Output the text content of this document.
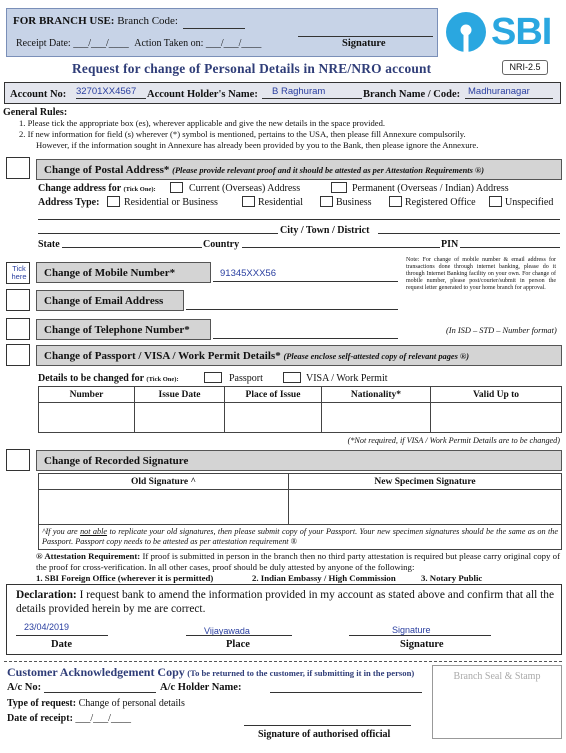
FOR BRANCH USE: Branch Code:
Receipt Date: ___/___/____ Action Taken on: ___/___/____	Signature	SBI
Request for change of Personal Details in NRE/NRO account	NRI-2.5
Account No: 32701XX4567	Account Holder's Name:	B Raghuram	Branch Name / Code: Madhuranagar
General Rules:
1. Please tick the appropriate box (es), wherever applicable and give the new details in the space provided.
2. If new information for field (s) wherever (*) symbol is mentioned, pertains to the USA, then please fill Annexure compulsorily.
However, if the information sought in Annexure has already been provided by you to the Bank, then please ignore the Annexure.
Change of Postal Address* (Please provide relevant proof and it should be attested as per Attestation Requirements ®)
Change address for (Tick One):	Current (Overseas) Address	Permanent (Overseas / Indian) Address
Address Type: Residential or Business	Residential	Business	Registered Office	Unspecified
City / Town / District
State	Country	PIN
Tick here	Change of Mobile Number*	91345XXX56
Note: For change of mobile number & email address for transactions done through internet banking, please do it through Internet Banking facility on your own. For change of mobile number, please post/courier/submit in person the request letter generated to your home branch for approval.
Change of Email Address
Change of Telephone Number*	(In ISD – STD – Number format)
Change of Passport / VISA / Work Permit Details* (Please enclose self-attested copy of relevant pages ®)
Details to be changed for (Tick One):	Passport	VISA / Work Permit
Number	Issue Date	Place of Issue	Nationality*	Valid Up to

(*Not required, if VISA / Work Permit Details are to be changed)
Change of Recorded Signature
Old Signature ^	New Specimen Signature

^If you are not able to replicate your old signatures, then please submit copy of your Passport. Your new specimen signatures should be the same as on the Passport. Passport copy needs to be attested as per attestation requirement ®	
® Attestation Requirement: If proof is submitted in person in the branch then no third party attestation is required but please carry original copy of the proof for cross-verification. In all other cases, proof should be duly attested by anyone of the following:
1. SBI Foreign Office (wherever it is permitted)	2. Indian Embassy / High Commission	3. Notary Public
Declaration: I request bank to amend the information provided in my account as stated above and confirm that all the details provided herein by me are correct.
23/04/2019	Vijayawada	Signature
Date	Place	Signature
Customer Acknowledgement Copy (To be returned to the customer, if submitting it in the person)
A/c No:	A/c Holder Name:
Type of request: Change of personal details
Date of receipt: ___/___/____
Branch Seal & Stamp
Signature of authorised official
